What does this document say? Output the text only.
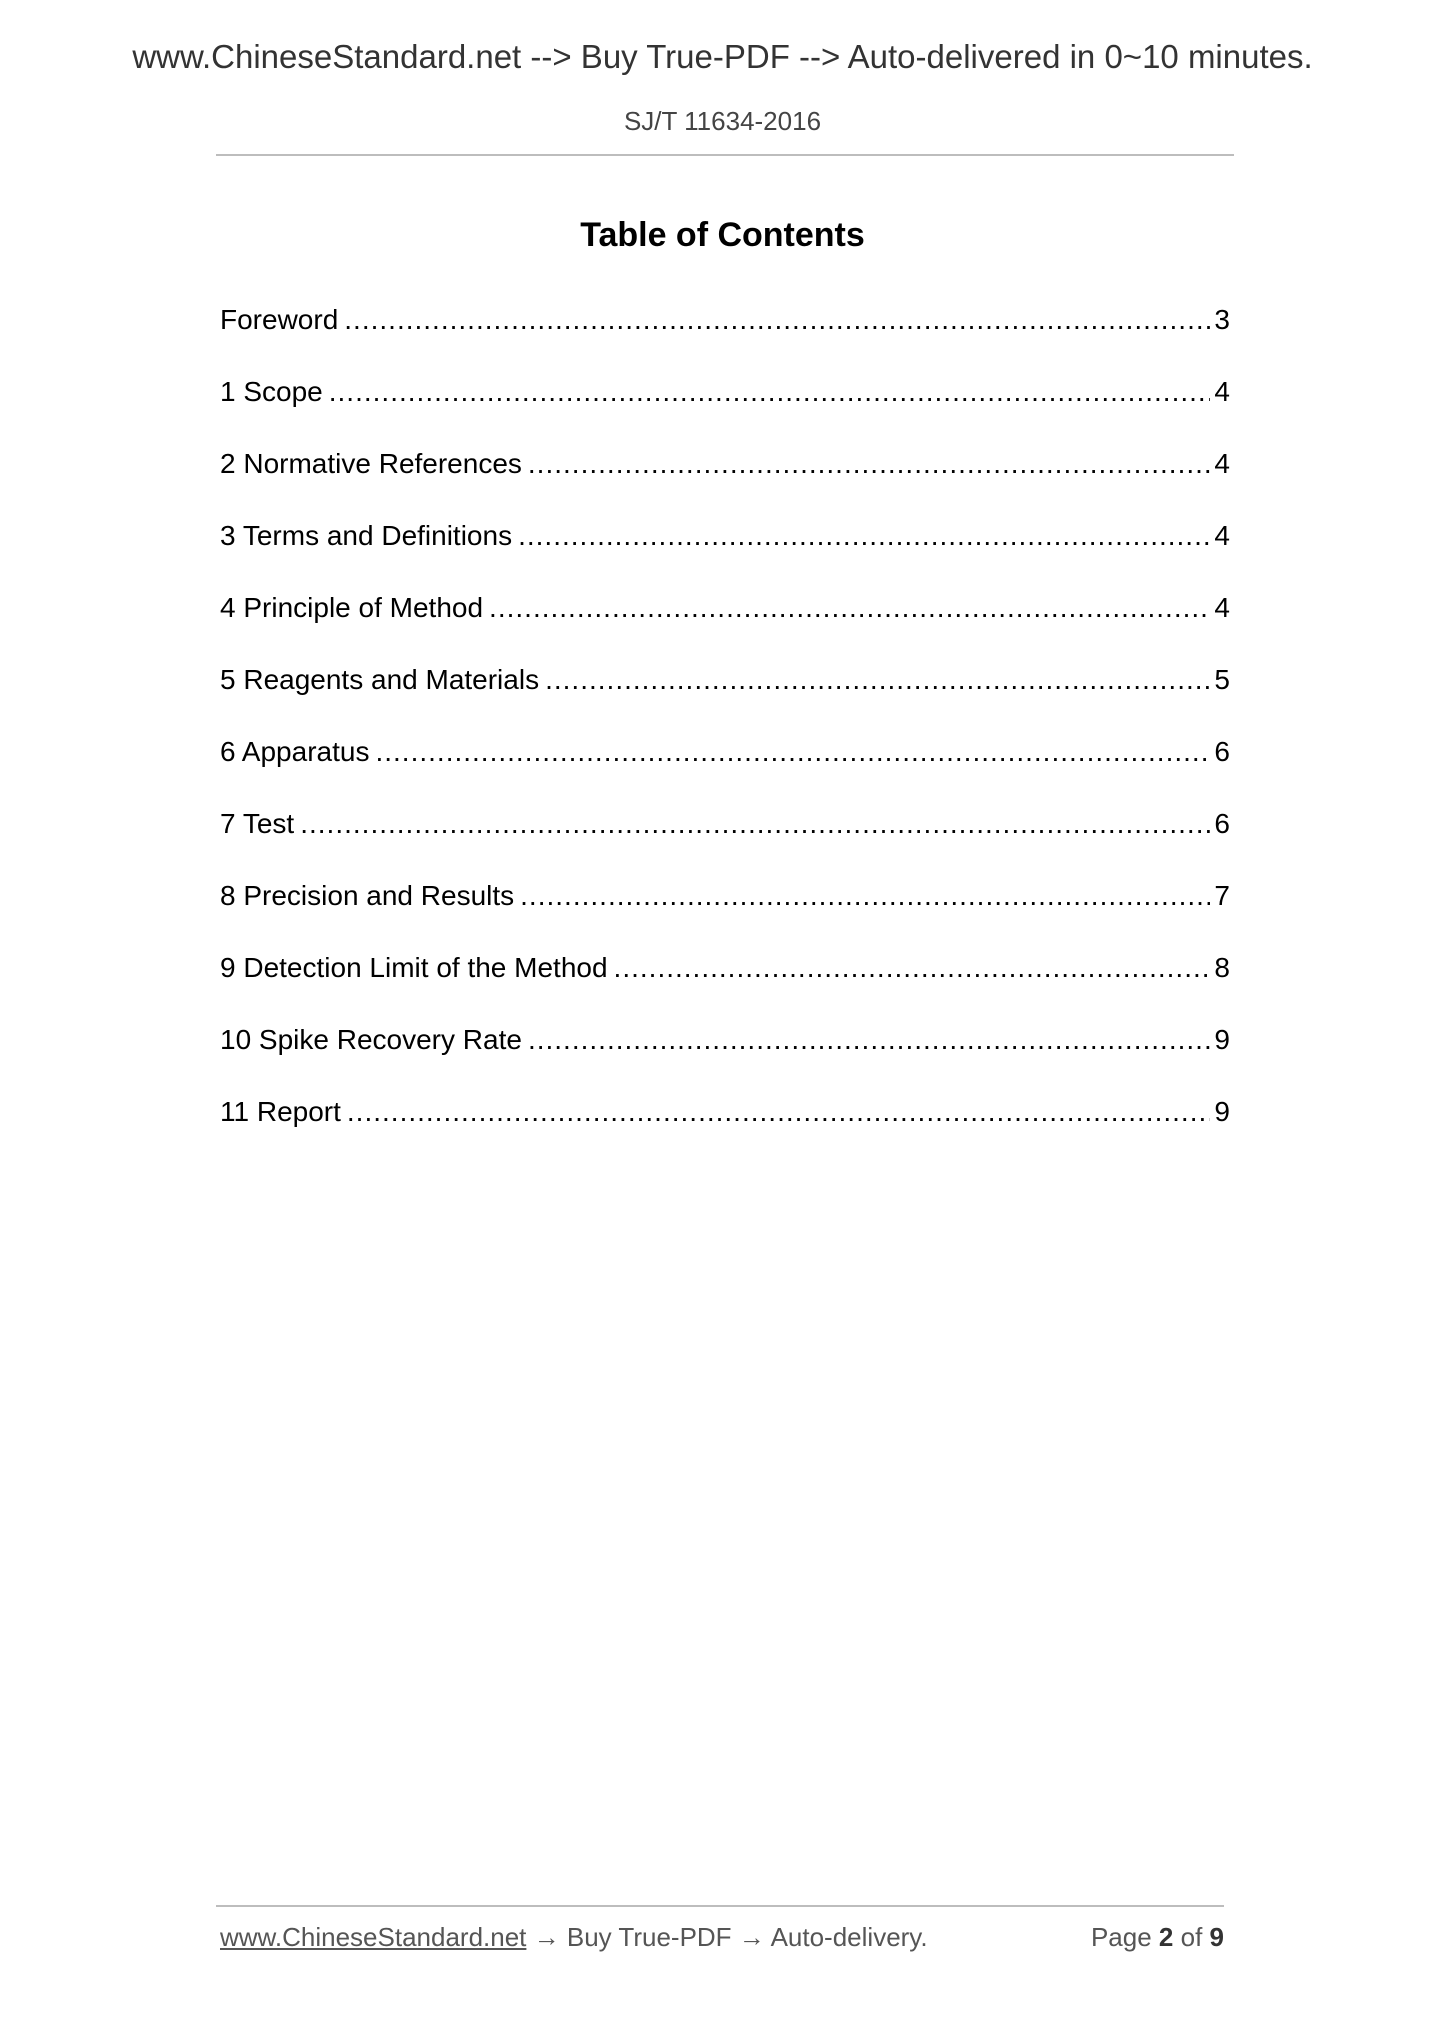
www.ChineseStandard.net --> Buy True-PDF --> Auto-delivered in 0~10 minutes.
SJ/T 11634-2016
Table of Contents
Foreword .....	3
1 Scope .....	4
2 Normative References .....	4
3 Terms and Definitions .....	4
4 Principle of Method .....	4
5 Reagents and Materials .....	5
6 Apparatus .....	6
7 Test .....	6
8 Precision and Results .....	7
9 Detection Limit of the Method .....	8
10 Spike Recovery Rate .....	9
11 Report .....	9
www.ChineseStandard.net → Buy True-PDF → Auto-delivery.	Page 2 of 9
